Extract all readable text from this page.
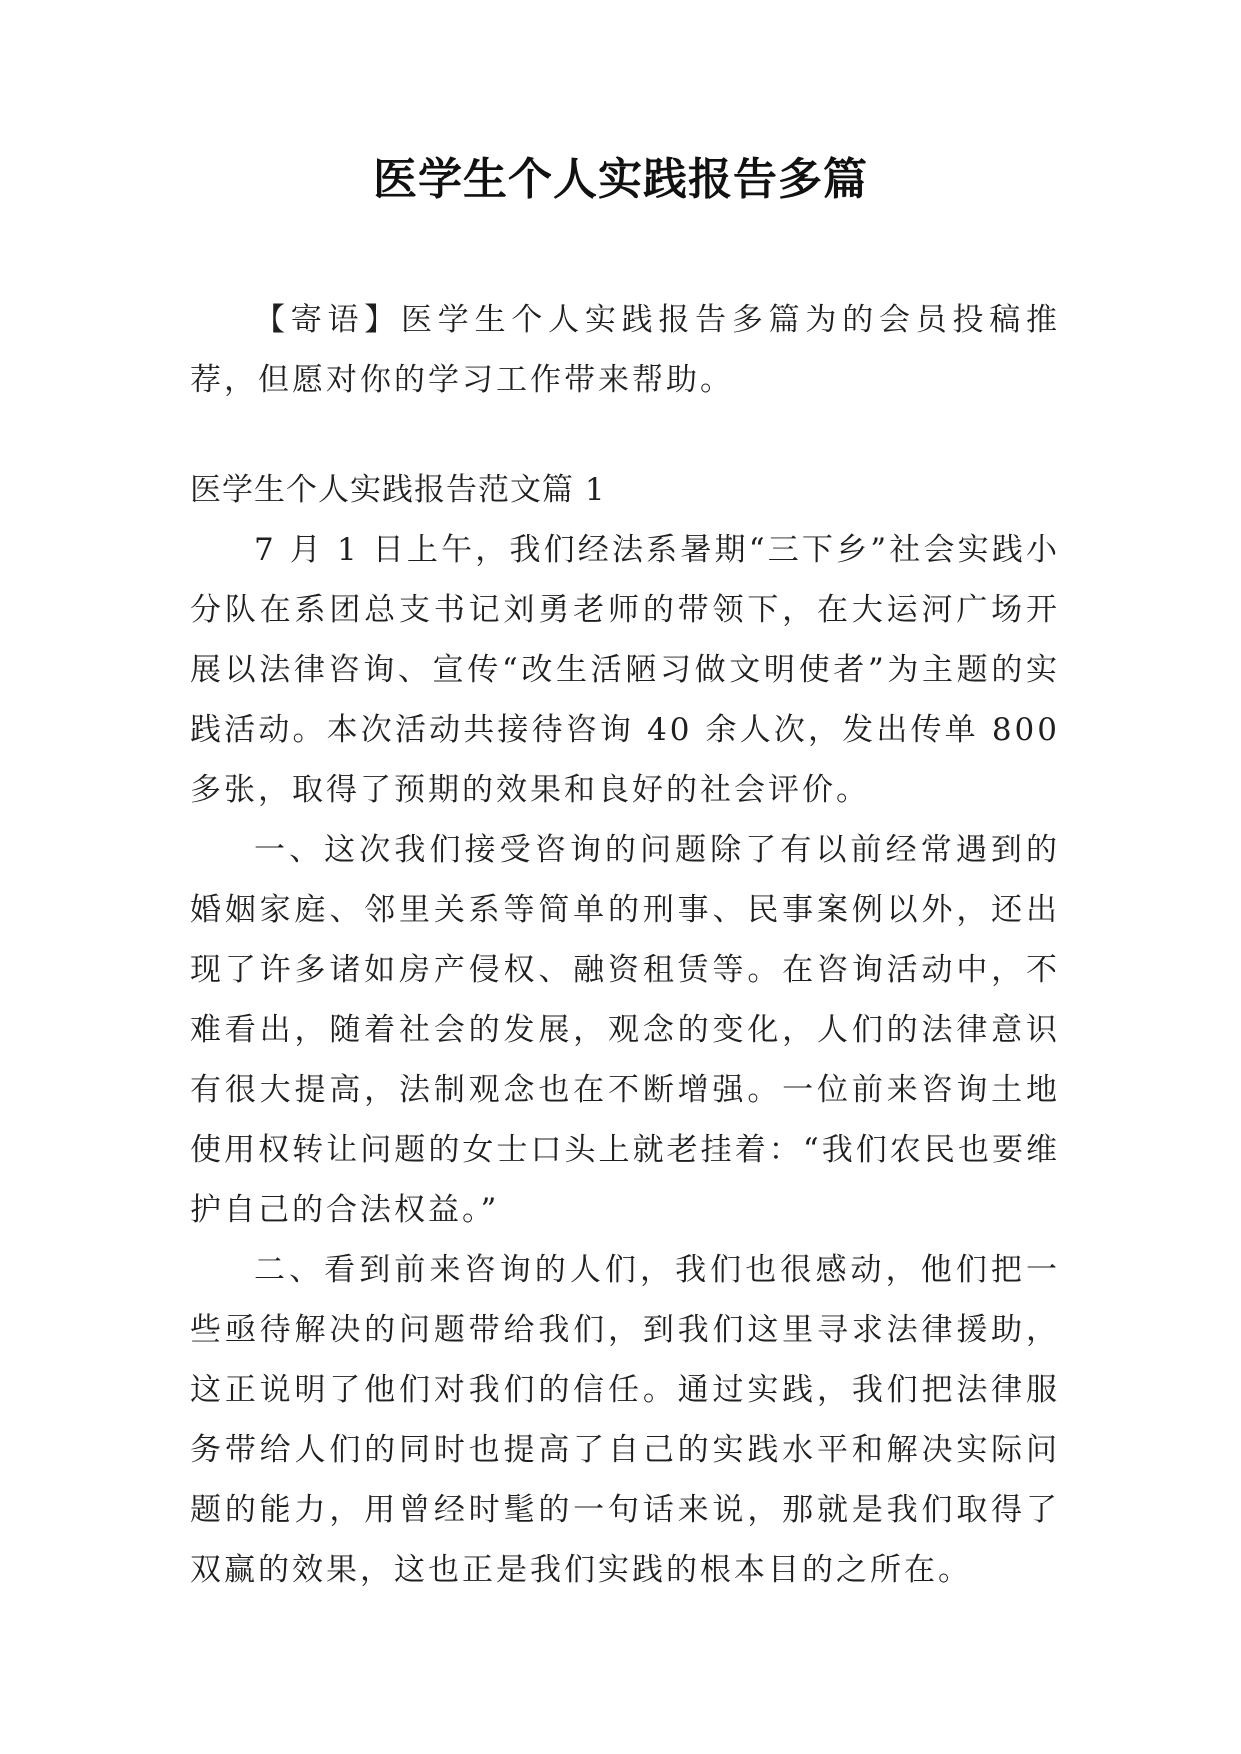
医学生个人实践报告多篇
【寄语】医学生个人实践报告多篇为的会员投稿推荐，但愿对你的学习工作带来帮助。
医学生个人实践报告范文篇 1

7 月 1 日上午，我们经法系暑期“三下乡”社会实践小分队在系团总支书记刘勇老师的带领下，在大运河广场开展以法律咨询、宣传“改生活陋习做文明使者”为主题的实践活动。本次活动共接待咨询 40 余人次，发出传单 800 多张，取得了预期的效果和良好的社会评价。

一、这次我们接受咨询的问题除了有以前经常遇到的婚姻家庭、邻里关系等简单的刑事、民事案例以外，还出现了许多诸如房产侵权、融资租赁等。在咨询活动中，不难看出，随着社会的发展，观念的变化，人们的法律意识有很大提高，法制观念也在不断增强。一位前来咨询土地使用权转让问题的女士口头上就老挂着：“我们农民也要维护自己的合法权益。”

二、看到前来咨询的人们，我们也很感动，他们把一些亟待解决的问题带给我们，到我们这里寻求法律援助，这正说明了他们对我们的信任。通过实践，我们把法律服务带给人们的同时也提高了自己的实践水平和解决实际问题的能力，用曾经时髦的一句话来说，那就是我们取得了双赢的效果，这也正是我们实践的根本目的之所在。
